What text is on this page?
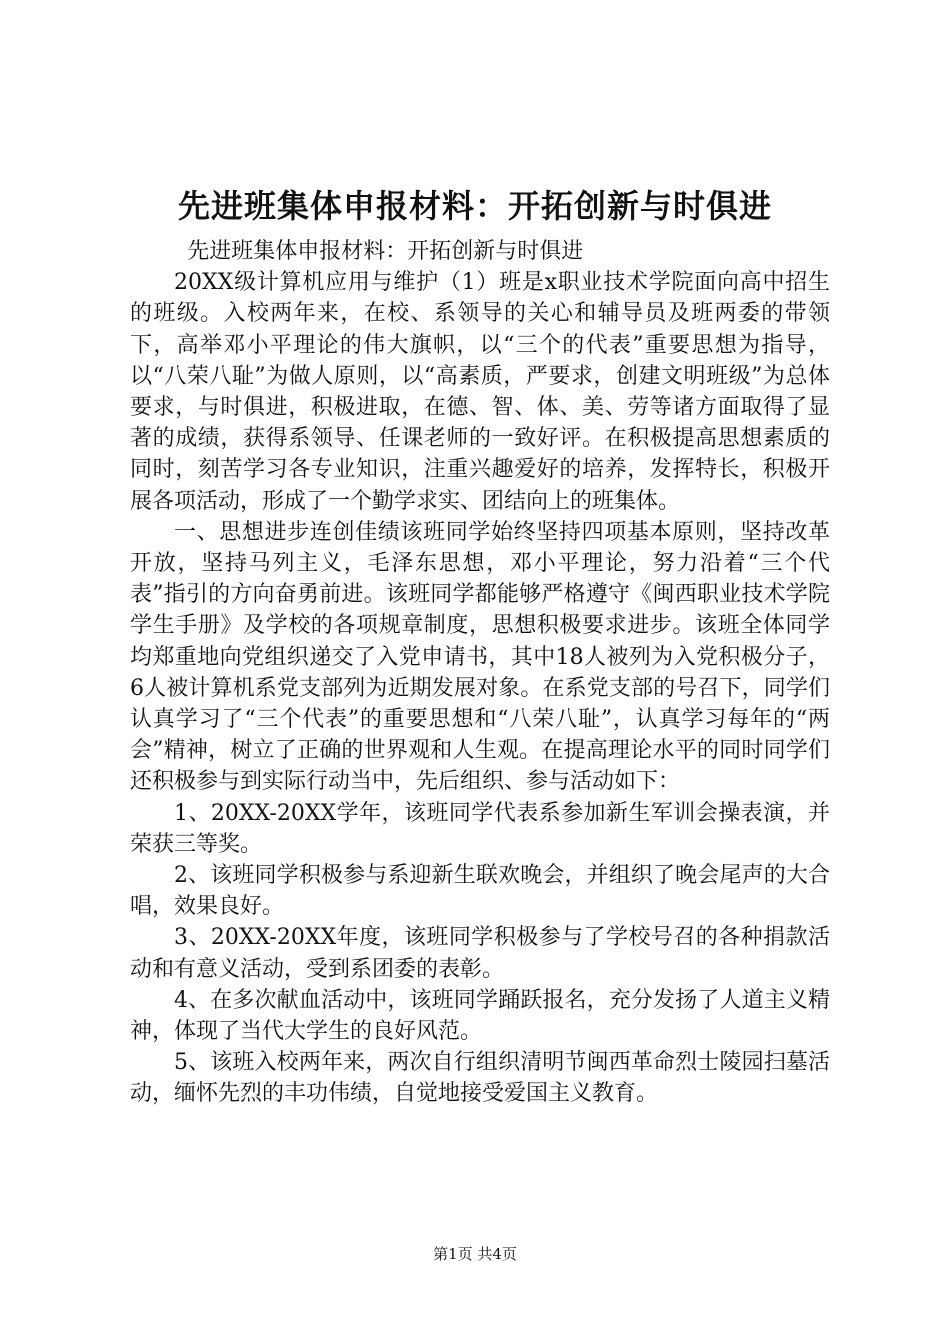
先进班集体申报材料：开拓创新与时俱进

先进班集体申报材料：开拓创新与时俱进

20XX级计算机应用与维护（1）班是x职业技术学院面向高中招生的班级。入校两年来，在校、系领导的关心和辅导员及班两委的带领下，高举邓小平理论的伟大旗帜，以“三个的代表”重要思想为指导，以“八荣八耻”为做人原则，以“高素质，严要求，创建文明班级”为总体要求，与时俱进，积极进取，在德、智、体、美、劳等诸方面取得了显著的成绩，获得系领导、任课老师的一致好评。在积极提高思想素质的同时，刻苦学习各专业知识，注重兴趣爱好的培养，发挥特长，积极开展各项活动，形成了一个勤学求实、团结向上的班集体。

一、思想进步连创佳绩该班同学始终坚持四项基本原则，坚持改革开放，坚持马列主义，毛泽东思想，邓小平理论，努力沿着“三个代表”指引的方向奋勇前进。该班同学都能够严格遵守《闽西职业技术学院学生手册》及学校的各项规章制度，思想积极要求进步。该班全体同学均郑重地向党组织递交了入党申请书，其中18人被列为入党积极分子，6人被计算机系党支部列为近期发展对象。在系党支部的号召下，同学们认真学习了“三个代表”的重要思想和“八荣八耻”，认真学习每年的“两会”精神，树立了正确的世界观和人生观。在提高理论水平的同时同学们还积极参与到实际行动当中，先后组织、参与活动如下：

1、20XX-20XX学年，该班同学代表系参加新生军训会操表演，并荣获三等奖。

2、该班同学积极参与系迎新生联欢晚会，并组织了晚会尾声的大合唱，效果良好。

3、20XX-20XX年度，该班同学积极参与了学校号召的各种捐款活动和有意义活动，受到系团委的表彰。

4、在多次献血活动中，该班同学踊跃报名，充分发扬了人道主义精神，体现了当代大学生的良好风范。

5、该班入校两年来，两次自行组织清明节闽西革命烈士陵园扫墓活动，缅怀先烈的丰功伟绩，自觉地接受爱国主义教育。

第1页 共4页
